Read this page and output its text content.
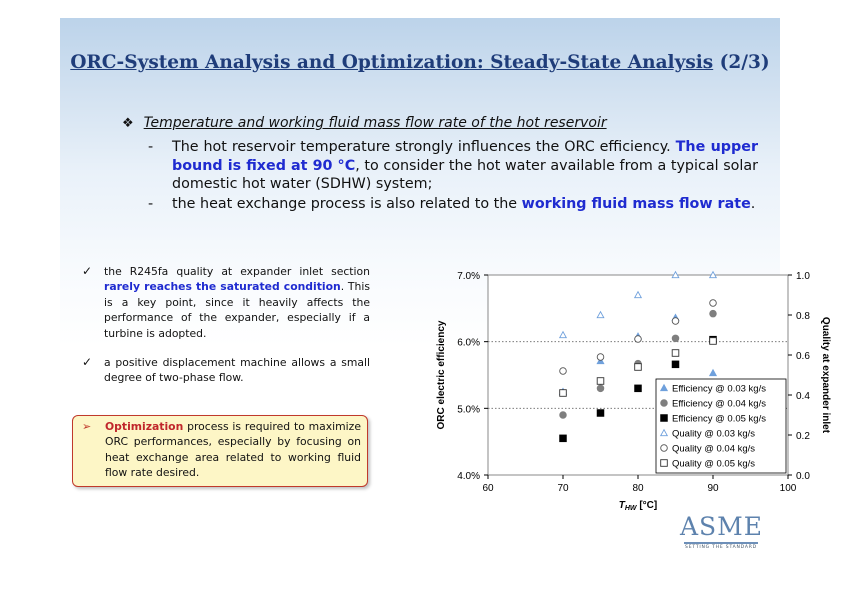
ORC-System Analysis and Optimization: Steady-State Analysis (2/3)
❖ Temperature and working fluid mass flow rate of the hot reservoir
- The hot reservoir temperature strongly influences the ORC efficiency. The upper bound is fixed at 90 °C, to consider the hot water available from a typical solar domestic hot water (SDHW) system;
- the heat exchange process is also related to the working fluid mass flow rate.
✓ the R245fa quality at expander inlet section rarely reaches the saturated condition. This is a key point, since it heavily affects the performance of the expander, especially if a turbine is adopted.
✓ a positive displacement machine allows a small degree of two-phase flow.
➢ Optimization process is required to maximize ORC performances, especially by focusing on heat exchange area related to working fluid flow rate desired.	4.0%
5.0%
6.0%
7.0%
0.0
0.2
0.4
0.6
0.8
1.0
60	70	80	90	100
$T_{HW}$ [°C]
ORC electric efficiency	Quality at expander inlet
Efficiency @ 0.03 kg/s
Efficiency @ 0.04 kg/s
Efficiency @ 0.05 kg/s
Quality @ 0.03 kg/s
Quality @ 0.04 kg/s
Quality @ 0.05 kg/s
ASME
SETTING THE STANDARD
